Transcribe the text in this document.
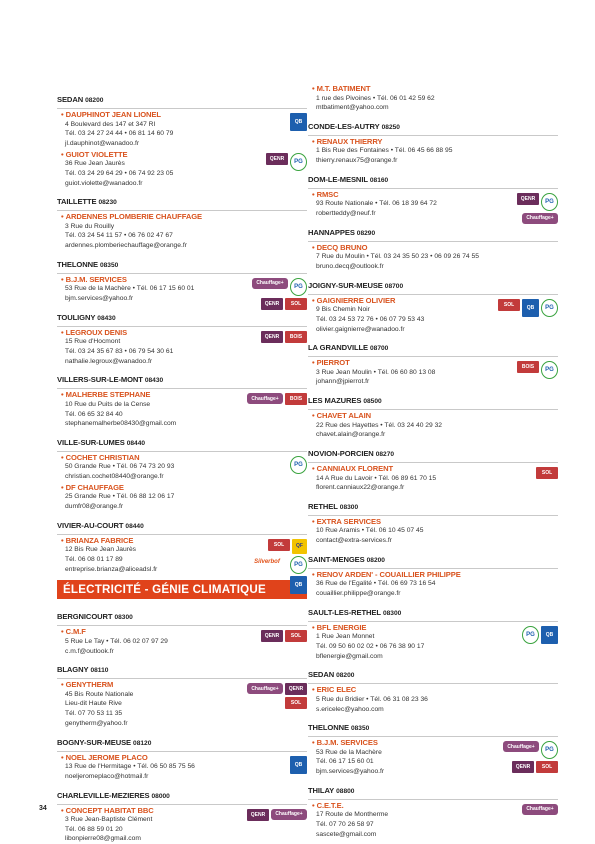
SEDAN 08200
• DAUPHINOT JEAN LIONEL
4 Boulevard des 147 et 347 RI
Tél. 03 24 27 24 44 • 06 81 14 60 79
jl.dauphinot@wanadoo.fr
QB
• GUIOT VIOLETTE
36 Rue Jean Jaurès
Tél. 03 24 29 64 29 • 06 74 92 23 05
guiot.violette@wanadoo.fr
QENR	PG
TAILLETTE 08230
• ARDENNES PLOMBERIE CHAUFFAGE
3 Rue du Rouilly
Tél. 03 24 54 11 57 • 06 76 02 47 67
ardennes.plomberiechauffage@orange.fr
THELONNE 08350
• B.J.M. SERVICES
53 Rue de la Machère • Tél. 06 17 15 60 01
bjm.services@yahoo.fr
Chauffage+
PG
QENR	SOL
TOULIGNY 08430
• LEGROUX DENIS
15 Rue d'Hocmont
Tél. 03 24 35 67 83 • 06 79 54 30 61
nathalie.legroux@wanadoo.fr
QENR	BOIS
VILLERS-SUR-LE-MONT 08430
• MALHERBE STEPHANE
10 Rue du Puits de la Cense
Tél. 06 65 32 84 40
stephanemalherbe08430@gmail.com
Chauffage+	BOIS
VILLE-SUR-LUMES 08440
• COCHET CHRISTIAN
50 Grande Rue • Tél. 06 74 73 20 93
christian.cochet08440@orange.fr
PG
• DF CHAUFFAGE
25 Grande Rue • Tél. 06 88 12 06 17
dumfr08@orange.fr
VIVIER-AU-COURT 08440
• BRIANZA FABRICE
12 Bis Rue Jean Jaurès
Tél. 06 08 01 17 89
entreprise.brianza@aliceadsl.fr
SOL	QF
Silverbof	PG
QB
ÉLECTRICITÉ - GÉNIE CLIMATIQUE
BERGNICOURT 08300
• C.M.F
5 Rue Le Tay • Tél. 06 02 07 97 29
c.m.f@outlook.fr
QENR	SOL
BLAGNY 08110
• GENYTHERM
45 Bis Route Nationale
Lieu-dit Haute Rive
Tél. 07 70 53 11 35
genytherm@yahoo.fr
Chauffage+	QENR
SOL
BOGNY-SUR-MEUSE 08120
• NOEL JEROME PLACO
13 Rue de l'Hermitage • Tél. 06 50 85 75 56
noeljeromeplaco@hotmail.fr
QB
CHARLEVILLE-MEZIERES 08000
• CONCEPT HABITAT BBC
3 Rue Jean-Baptiste Clément
Tél. 06 88 59 01 20
libonpierre08@gmail.com
QENR	Chauffage+
• M.T. BATIMENT
1 rue des Pivoines • Tél. 06 01 42 59 62
mtbatiment@yahoo.com
CONDE-LES-AUTRY 08250
• RENAUX THIERRY
1 Bis Rue des Fontaines • Tél. 06 45 66 88 95
thierry.renaux75@orange.fr
DOM-LE-MESNIL 08160
• RMSC
93 Route Nationale • Tél. 06 18 39 64 72
robertteddy@neuf.fr
QENR	PG
Chauffage+
HANNAPPES 08290
• DECQ BRUNO
7 Rue du Moulin • Tél. 03 24 35 50 23 • 06 09 26 74 55
bruno.decq@outlook.fr
JOIGNY-SUR-MEUSE 08700
• GAIGNIERRE OLIVIER
9 Bis Chemin Noir
Tél. 03 24 53 72 76 • 06 07 79 53 43
olivier.gaignierre@wanadoo.fr
SOL	QB	PG
LA GRANDVILLE 08700
• PIERROT
3 Rue Jean Moulin • Tél. 06 60 80 13 08
johann@jpierrot.fr
BOIS	PG
LES MAZURES 08500
• CHAVET ALAIN
22 Rue des Hayettes • Tél. 03 24 40 29 32
chavet.alain@orange.fr
NOVION-PORCIEN 08270
• CANNIAUX FLORENT
14 A Rue du Lavoir • Tél. 06 89 61 70 15
florent.canniaux22@orange.fr
SOL
RETHEL 08300
• EXTRA SERVICES
10 Rue Aramis • Tél. 06 10 45 07 45
contact@extra-services.fr
SAINT-MENGES 08200
• RENOV ARDEN' - COUAILLIER PHILIPPE
36 Rue de l'Egalité • Tél. 06 69 73 16 54
couaillier.philippe@orange.fr
SAULT-LES-RETHEL 08300
• BFL ENERGIE
1 Rue Jean Monnet
Tél. 09 50 60 02 02 • 06 76 38 90 17
bflenergie@gmail.com
PG	QB
SEDAN 08200
• ERIC ELEC
5 Rue du Bridier • Tél. 06 31 08 23 36
s.ericelec@yahoo.com
THELONNE 08350
• B.J.M. SERVICES
53 Rue de la Machère
Tél. 06 17 15 60 01
bjm.services@yahoo.fr
Chauffage+
PG
QENR	SOL
THILAY 08800
• C.E.T.E.
17 Route de Montherme
Tél. 07 70 26 58 97
sascete@gmail.com
Chauffage+
34
